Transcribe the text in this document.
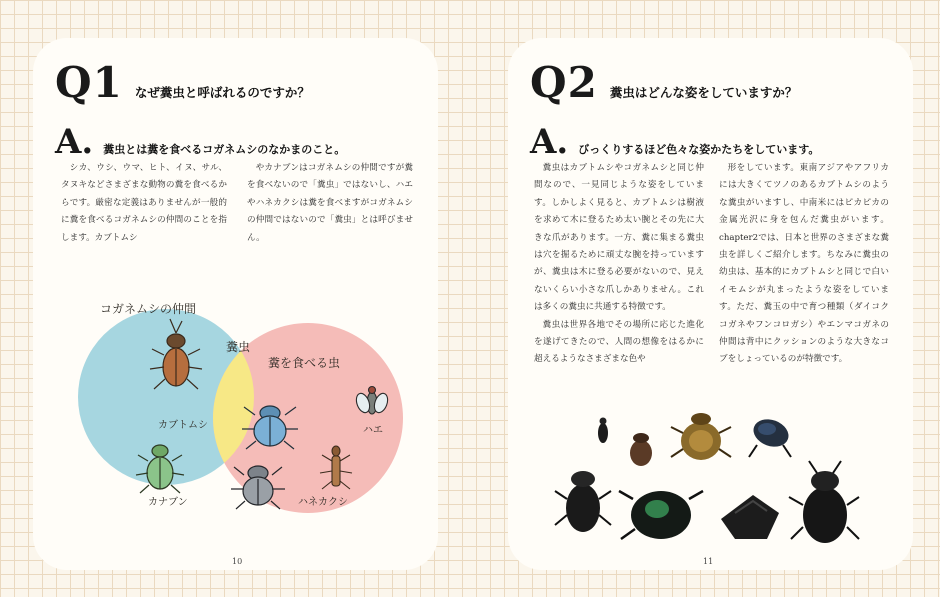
Q1 なぜ糞虫と呼ばれるのですか？
A. 糞虫とは糞を食べるコガネムシのなかまのこと。

シカ、ウシ、ウマ、ヒト、イヌ、サル、タヌキなどさまざまな動物の糞を食べるからです。厳密な定義はありませんが一般的に糞を食べるコガネムシの仲間のことを指します。カブトムシ

やカナブンはコガネムシの仲間ですが糞を食べないので「糞虫」ではないし、ハエやハネカクシは糞を食べますがコガネムシの仲間ではないので「糞虫」とは呼びません。

コガネムシの仲間
糞を食べる虫
糞虫
カブトムシ
カナブン
ハエ
ハネカクシ
10
Q2 糞虫はどんな姿をしていますか？
A. びっくりするほど色々な姿かたちをしています。

糞虫はカブトムシやコガネムシと同じ仲間なので、一見同じような姿をしています。しかしよく見ると、カブトムシは樹液を求めて木に登るため太い腕とその先に大きな爪があります。一方、糞に集まる糞虫は穴を掘るために頑丈な腕を持っていますが、糞虫は木に登る必要がないので、見えないくらい小さな爪しかありません。これは多くの糞虫に共通する特徴です。

糞虫は世界各地でその場所に応じた進化を遂げてきたので、人間の想像をはるかに超えるようなさまざまな色や

形をしています。東南アジアやアフリカには大きくてツノのあるカブトムシのような糞虫がいますし、中南米にはピカピカの金属光沢に身を包んだ糞虫がいます。chapter2では、日本と世界のさまざまな糞虫を詳しくご紹介します。ちなみに糞虫の幼虫は、基本的にカブトムシと同じで白いイモムシが丸まったような姿をしています。ただ、糞玉の中で育つ種類（ダイコクコガネやフンコロガシ）やエンマコガネの仲間は背中にクッションのような大きなコブをしょっているのが特徴です。

11
